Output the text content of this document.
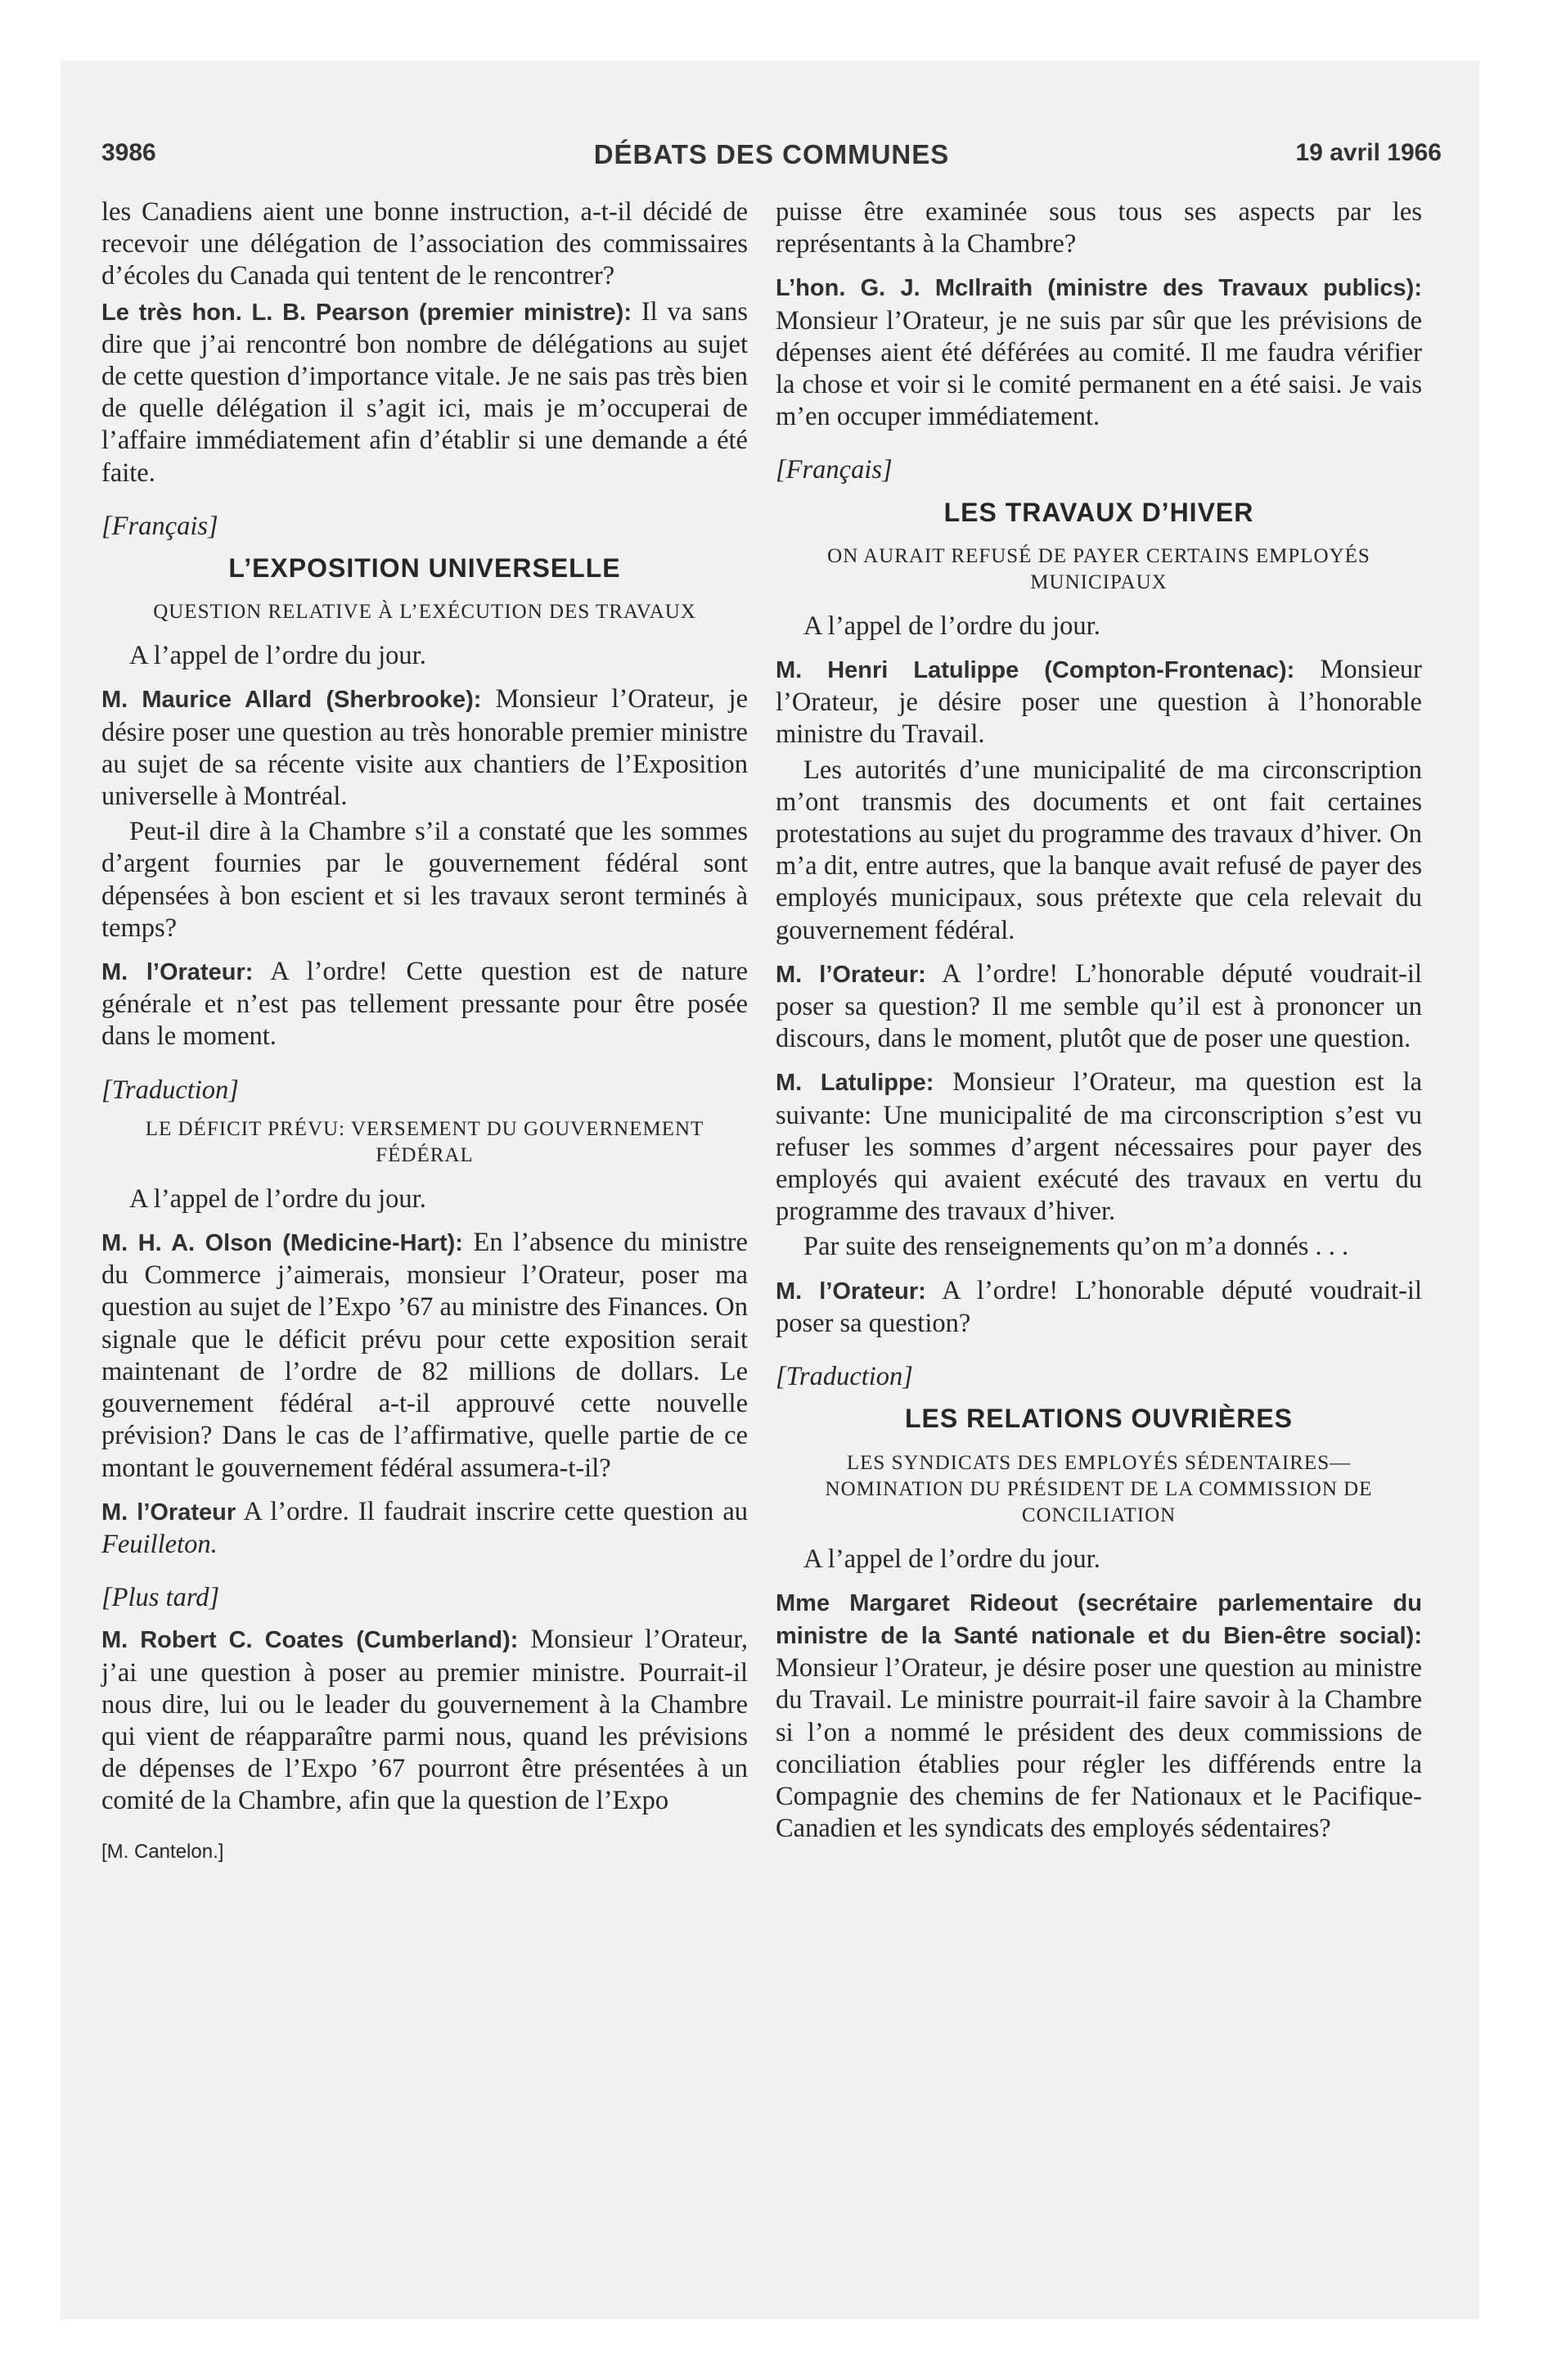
3986	DÉBATS DES COMMUNES	19 avril 1966

les Canadiens aient une bonne instruction, a-t-il décidé de recevoir une délégation de l’association des commissaires d’écoles du Canada qui tentent de le rencontrer?

Le très hon. L. B. Pearson (premier ministre): Il va sans dire que j’ai rencontré bon nombre de délégations au sujet de cette question d’importance vitale. Je ne sais pas très bien de quelle délégation il s’agit ici, mais je m’occuperai de l’affaire immédiatement afin d’établir si une demande a été faite.

[Français]
L’EXPOSITION UNIVERSELLE
QUESTION RELATIVE À L’EXÉCUTION DES TRAVAUX

A l’appel de l’ordre du jour.

M. Maurice Allard (Sherbrooke): Monsieur l’Orateur, je désire poser une question au très honorable premier ministre au sujet de sa récente visite aux chantiers de l’Exposition universelle à Montréal.

Peut-il dire à la Chambre s’il a constaté que les sommes d’argent fournies par le gouvernement fédéral sont dépensées à bon escient et si les travaux seront terminés à temps?

M. l’Orateur: A l’ordre! Cette question est de nature générale et n’est pas tellement pressante pour être posée dans le moment.

[Traduction]
LE DÉFICIT PRÉVU: VERSEMENT DU GOUVERNEMENT FÉDÉRAL

A l’appel de l’ordre du jour.

M. H. A. Olson (Medicine-Hart): En l’absence du ministre du Commerce j’aimerais, monsieur l’Orateur, poser ma question au sujet de l’Expo ’67 au ministre des Finances. On signale que le déficit prévu pour cette exposition serait maintenant de l’ordre de 82 millions de dollars. Le gouvernement fédéral a-t-il approuvé cette nouvelle prévision? Dans le cas de l’affirmative, quelle partie de ce montant le gouvernement fédéral assumera-t-il?

M. l’Orateur A l’ordre. Il faudrait inscrire cette question au Feuilleton.

[Plus tard]

M. Robert C. Coates (Cumberland): Monsieur l’Orateur, j’ai une question à poser au premier ministre. Pourrait-il nous dire, lui ou le leader du gouvernement à la Chambre qui vient de réapparaître parmi nous, quand les prévisions de dépenses de l’Expo ’67 pourront être présentées à un comité de la Chambre, afin que la question de l’Expo

[M. Cantelon.]

puisse être examinée sous tous ses aspects par les représentants à la Chambre?

L’hon. G. J. McIlraith (ministre des Travaux publics): Monsieur l’Orateur, je ne suis par sûr que les prévisions de dépenses aient été déférées au comité. Il me faudra vérifier la chose et voir si le comité permanent en a été saisi. Je vais m’en occuper immédiatement.

[Français]
LES TRAVAUX D’HIVER
ON AURAIT REFUSÉ DE PAYER CERTAINS EMPLOYÉS MUNICIPAUX

A l’appel de l’ordre du jour.

M. Henri Latulippe (Compton-Frontenac): Monsieur l’Orateur, je désire poser une question à l’honorable ministre du Travail.

Les autorités d’une municipalité de ma circonscription m’ont transmis des documents et ont fait certaines protestations au sujet du programme des travaux d’hiver. On m’a dit, entre autres, que la banque avait refusé de payer des employés municipaux, sous prétexte que cela relevait du gouvernement fédéral.

M. l’Orateur: A l’ordre! L’honorable député voudrait-il poser sa question? Il me semble qu’il est à prononcer un discours, dans le moment, plutôt que de poser une question.

M. Latulippe: Monsieur l’Orateur, ma question est la suivante: Une municipalité de ma circonscription s’est vu refuser les sommes d’argent nécessaires pour payer des employés qui avaient exécuté des travaux en vertu du programme des travaux d’hiver.

Par suite des renseignements qu’on m’a donnés . . .

M. l’Orateur: A l’ordre! L’honorable député voudrait-il poser sa question?

[Traduction]
LES RELATIONS OUVRIÈRES
LES SYNDICATS DES EMPLOYÉS SÉDENTAIRES—NOMINATION DU PRÉSIDENT DE LA COMMISSION DE CONCILIATION

A l’appel de l’ordre du jour.

Mme Margaret Rideout (secrétaire parlementaire du ministre de la Santé nationale et du Bien-être social): Monsieur l’Orateur, je désire poser une question au ministre du Travail. Le ministre pourrait-il faire savoir à la Chambre si l’on a nommé le président des deux commissions de conciliation établies pour régler les différends entre la Compagnie des chemins de fer Nationaux et le Pacifique-Canadien et les syndicats des employés sédentaires?
